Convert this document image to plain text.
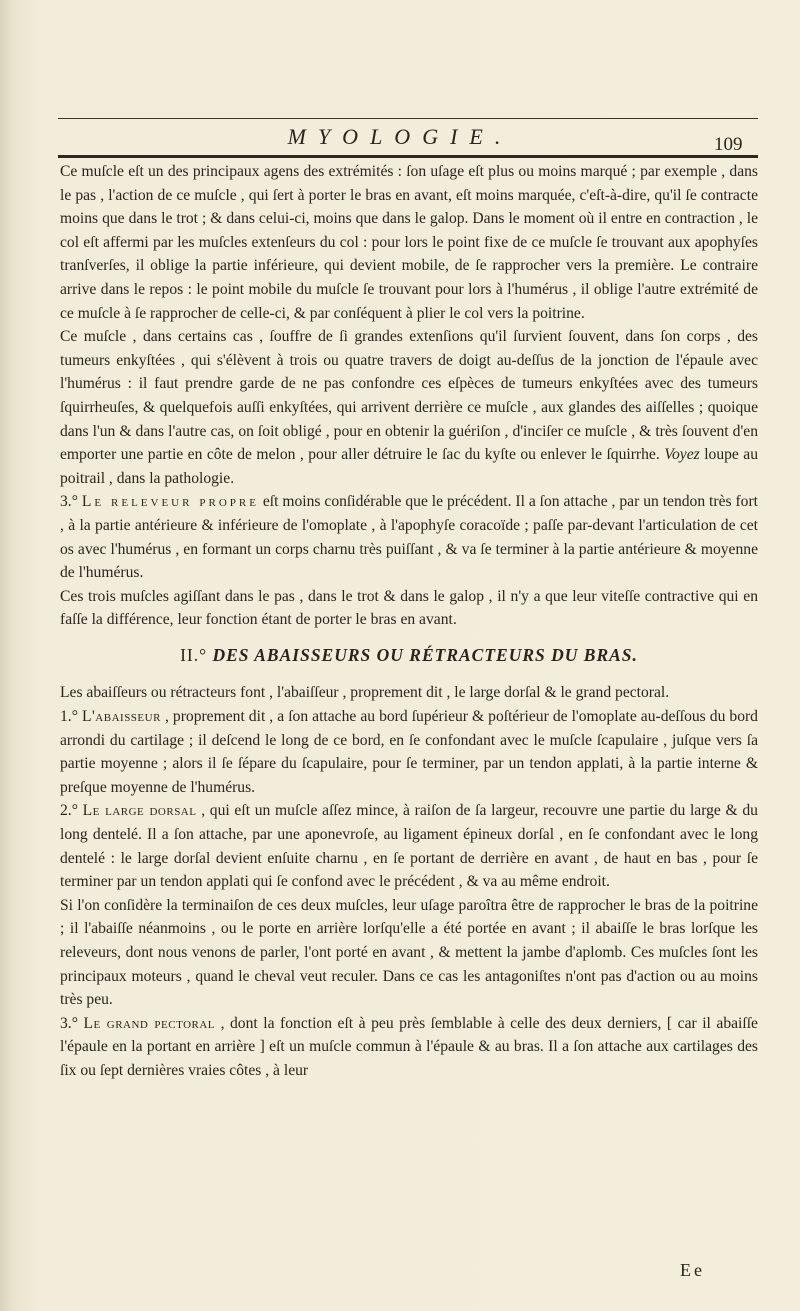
MYOLOGIE.	109

Ce muſcle eſt un des principaux agens des extrémités : ſon uſage eſt plus ou moins marqué ; par exemple , dans le pas , l'action de ce muſcle , qui ſert à porter le bras en avant, eſt moins marquée, c'eſt-à-dire, qu'il ſe contracte moins que dans le trot ; & dans celui-ci, moins que dans le galop. Dans le moment où il entre en contraction , le col eſt affermi par les muſcles extenſeurs du col : pour lors le point fixe de ce muſcle ſe trouvant aux apophyſes tranſverſes, il oblige la partie inférieure, qui devient mobile, de ſe rapprocher vers la première. Le contraire arrive dans le repos : le point mobile du muſcle ſe trouvant pour lors à l'humérus , il oblige l'autre extrémité de ce muſcle à ſe rapprocher de celle-ci, & par conſéquent à plier le col vers la poitrine.

Ce muſcle , dans certains cas , ſouffre de ſi grandes extenſions qu'il ſurvient ſouvent, dans ſon corps , des tumeurs enkyſtées , qui s'élèvent à trois ou quatre travers de doigt au-deſſus de la jonction de l'épaule avec l'humérus : il faut prendre garde de ne pas confondre ces eſpèces de tumeurs enkyſtées avec des tumeurs ſquirrheuſes, & quelquefois auſſi enkyſtées, qui arrivent derrière ce muſcle , aux glandes des aiſſelles ; quoique dans l'un & dans l'autre cas, on ſoit obligé , pour en obtenir la guériſon , d'inciſer ce muſcle , & très ſouvent d'en emporter une partie en côte de melon , pour aller détruire le ſac du kyſte ou enlever le ſquirrhe. Voyez loupe au poitrail , dans la pathologie.

3.° Le releveur propre eſt moins conſidérable que le précédent. Il a ſon attache , par un tendon très fort , à la partie antérieure & inférieure de l'omoplate , à l'apophyſe coracoïde ; paſſe par-devant l'articulation de cet os avec l'humérus , en formant un corps charnu très puiſſant , & va ſe terminer à la partie antérieure & moyenne de l'humérus.

Ces trois muſcles agiſſant dans le pas , dans le trot & dans le galop , il n'y a que leur viteſſe contractive qui en faſſe la différence, leur fonction étant de porter le bras en avant.

II.° DES ABAISSEURS OU RÉTRACTEURS DU BRAS.

Les abaiſſeurs ou rétracteurs font , l'abaiſſeur , proprement dit , le large dorſal & le grand pectoral.

1.° L'abaisseur , proprement dit , a ſon attache au bord ſupérieur & poſtérieur de l'omoplate au-deſſous du bord arrondi du cartilage ; il deſcend le long de ce bord, en ſe confondant avec le muſcle ſcapulaire , juſque vers ſa partie moyenne ; alors il ſe ſépare du ſcapulaire, pour ſe terminer, par un tendon applati, à la partie interne & preſque moyenne de l'humérus.

2.° Le large dorsal , qui eſt un muſcle aſſez mince, à raiſon de ſa largeur, recouvre une partie du large & du long dentelé. Il a ſon attache, par une aponevroſe, au ligament épineux dorſal , en ſe confondant avec le long dentelé : le large dorſal devient enſuite charnu , en ſe portant de derrière en avant , de haut en bas , pour ſe terminer par un tendon applati qui ſe confond avec le précédent , & va au même endroit.

Si l'on conſidère la terminaiſon de ces deux muſcles, leur uſage paroîtra être de rapprocher le bras de la poitrine ; il l'abaiſſe néanmoins , ou le porte en arrière lorſqu'elle a été portée en avant ; il abaiſſe le bras lorſque les releveurs, dont nous venons de parler, l'ont porté en avant , & mettent la jambe d'aplomb. Ces muſcles ſont les principaux moteurs , quand le cheval veut reculer. Dans ce cas les antagoniſtes n'ont pas d'action ou au moins très peu.

3.° Le grand pectoral , dont la fonction eſt à peu près ſemblable à celle des deux derniers, [ car il abaiſſe l'épaule en la portant en arrière ] eſt un muſcle commun à l'épaule & au bras. Il a ſon attache aux cartilages des ſix ou ſept dernières vraies côtes , à leur

Ee
